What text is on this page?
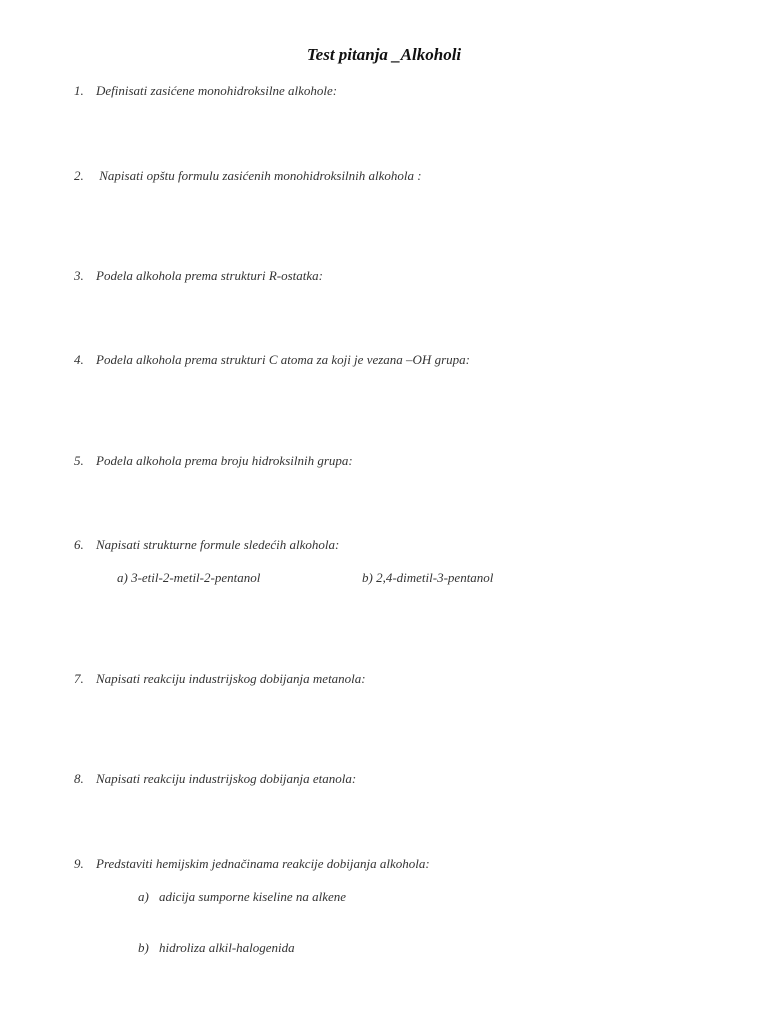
Test pitanja _Alkoholi
1. Definisati zasićene monohidroksilne alkohole:
2. Napisati opštu formulu zasićenih monohidroksilnih alkohola :
3. Podela alkohola prema strukturi R-ostatka:
4. Podela alkohola prema strukturi C atoma za koji je vezana –OH grupa:
5. Podela alkohola prema broju hidroksilnih grupa:
6. Napisati strukturne formule sledećih alkohola:
a) 3-etil-2-metil-2-pentanol	b) 2,4-dimetil-3-pentanol
7. Napisati reakciju industrijskog dobijanja metanola:
8. Napisati reakciju industrijskog dobijanja etanola:
9. Predstaviti hemijskim jednačinama reakcije dobijanja alkohola:
a) adicija sumporne kiseline na alkene
b) hidroliza alkil-halogenida
